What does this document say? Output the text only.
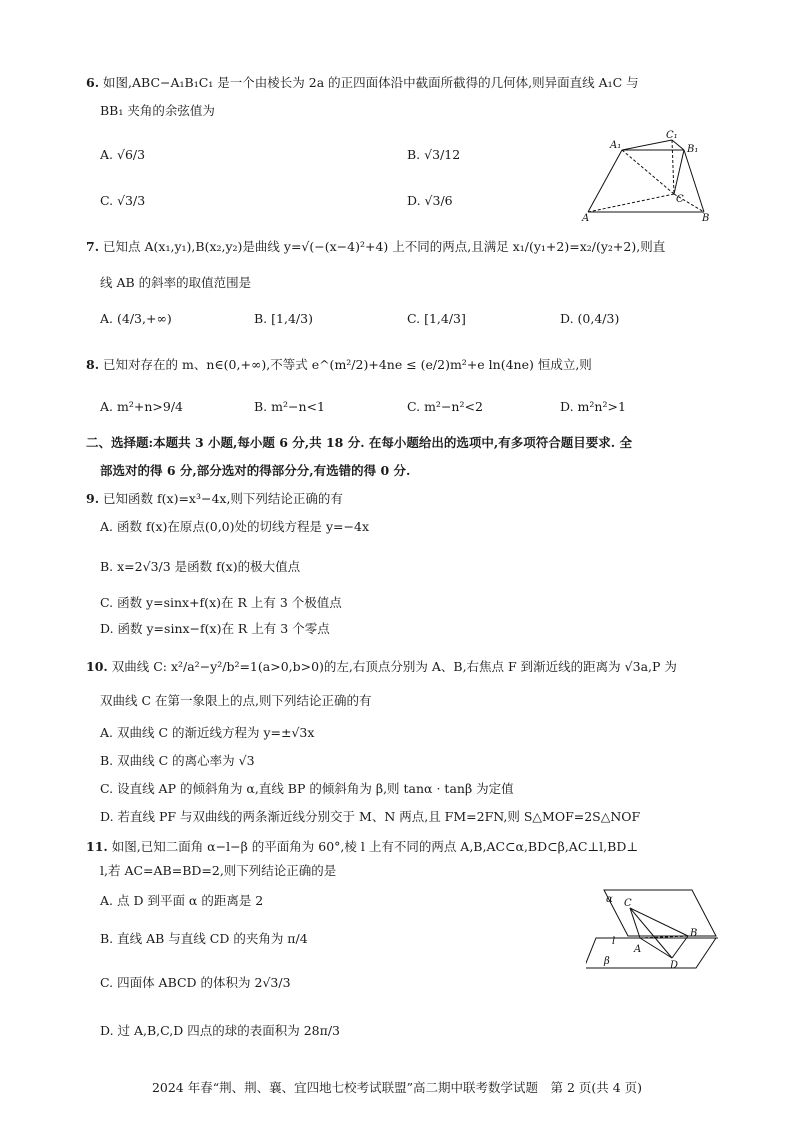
6. 如图,ABC−A₁B₁C₁ 是一个由棱长为 2a 的正四面体沿中截面所截得的几何体,则异面直线 A₁C 与
BB₁ 夹角的余弦值为
A. √6/3	B. √3/12
C. √3/3	D. √3/6
A₁
C₁
B₁
C
A	B
7. 已知点 A(x₁,y₁),B(x₂,y₂)是曲线 y=√(−(x−4)²+4) 上不同的两点,且满足 x₁/(y₁+2)=x₂/(y₂+2),则直
线 AB 的斜率的取值范围是
A. (4/3,+∞)	B. [1,4/3)	C. [1,4/3]	D. (0,4/3)
8. 已知对存在的 m、n∈(0,+∞),不等式 e^(m²/2)+4ne ≤ (e/2)m²+e ln(4ne) 恒成立,则
A. m²+n>9/4	B. m²−n<1	C. m²−n²<2	D. m²n²>1
二、选择题:本题共 3 小题,每小题 6 分,共 18 分. 在每小题给出的选项中,有多项符合题目要求. 全
部选对的得 6 分,部分选对的得部分分,有选错的得 0 分.
9. 已知函数 f(x)=x³−4x,则下列结论正确的有
A. 函数 f(x)在原点(0,0)处的切线方程是 y=−4x
B. x=2√3/3 是函数 f(x)的极大值点
C. 函数 y=sinx+f(x)在 R 上有 3 个极值点
D. 函数 y=sinx−f(x)在 R 上有 3 个零点
10. 双曲线 C: x²/a²−y²/b²=1(a>0,b>0)的左,右顶点分别为 A、B,右焦点 F 到渐近线的距离为 √3a,P 为
双曲线 C 在第一象限上的点,则下列结论正确的有
A. 双曲线 C 的渐近线方程为 y=±√3x
B. 双曲线 C 的离心率为 √3
C. 设直线 AP 的倾斜角为 α,直线 BP 的倾斜角为 β,则 tanα · tanβ 为定值
D. 若直线 PF 与双曲线的两条渐近线分别交于 M、N 两点,且 FM=2FN,则 S△MOF=2S△NOF
11. 如图,已知二面角 α−l−β 的平面角为 60°,棱 l 上有不同的两点 A,B,AC⊂α,BD⊂β,AC⊥l,BD⊥
l,若 AC=AB=BD=2,则下列结论正确的是
A. 点 D 到平面 α 的距离是 2
B. 直线 AB 与直线 CD 的夹角为 π/4
C. 四面体 ABCD 的体积为 2√3/3
D. 过 A,B,C,D 四点的球的表面积为 28π/3
α C
B
l
A
β	D
2024 年春“荆、荆、襄、宜四地七校考试联盟”高二期中联考数学试题　第 2 页(共 4 页)
